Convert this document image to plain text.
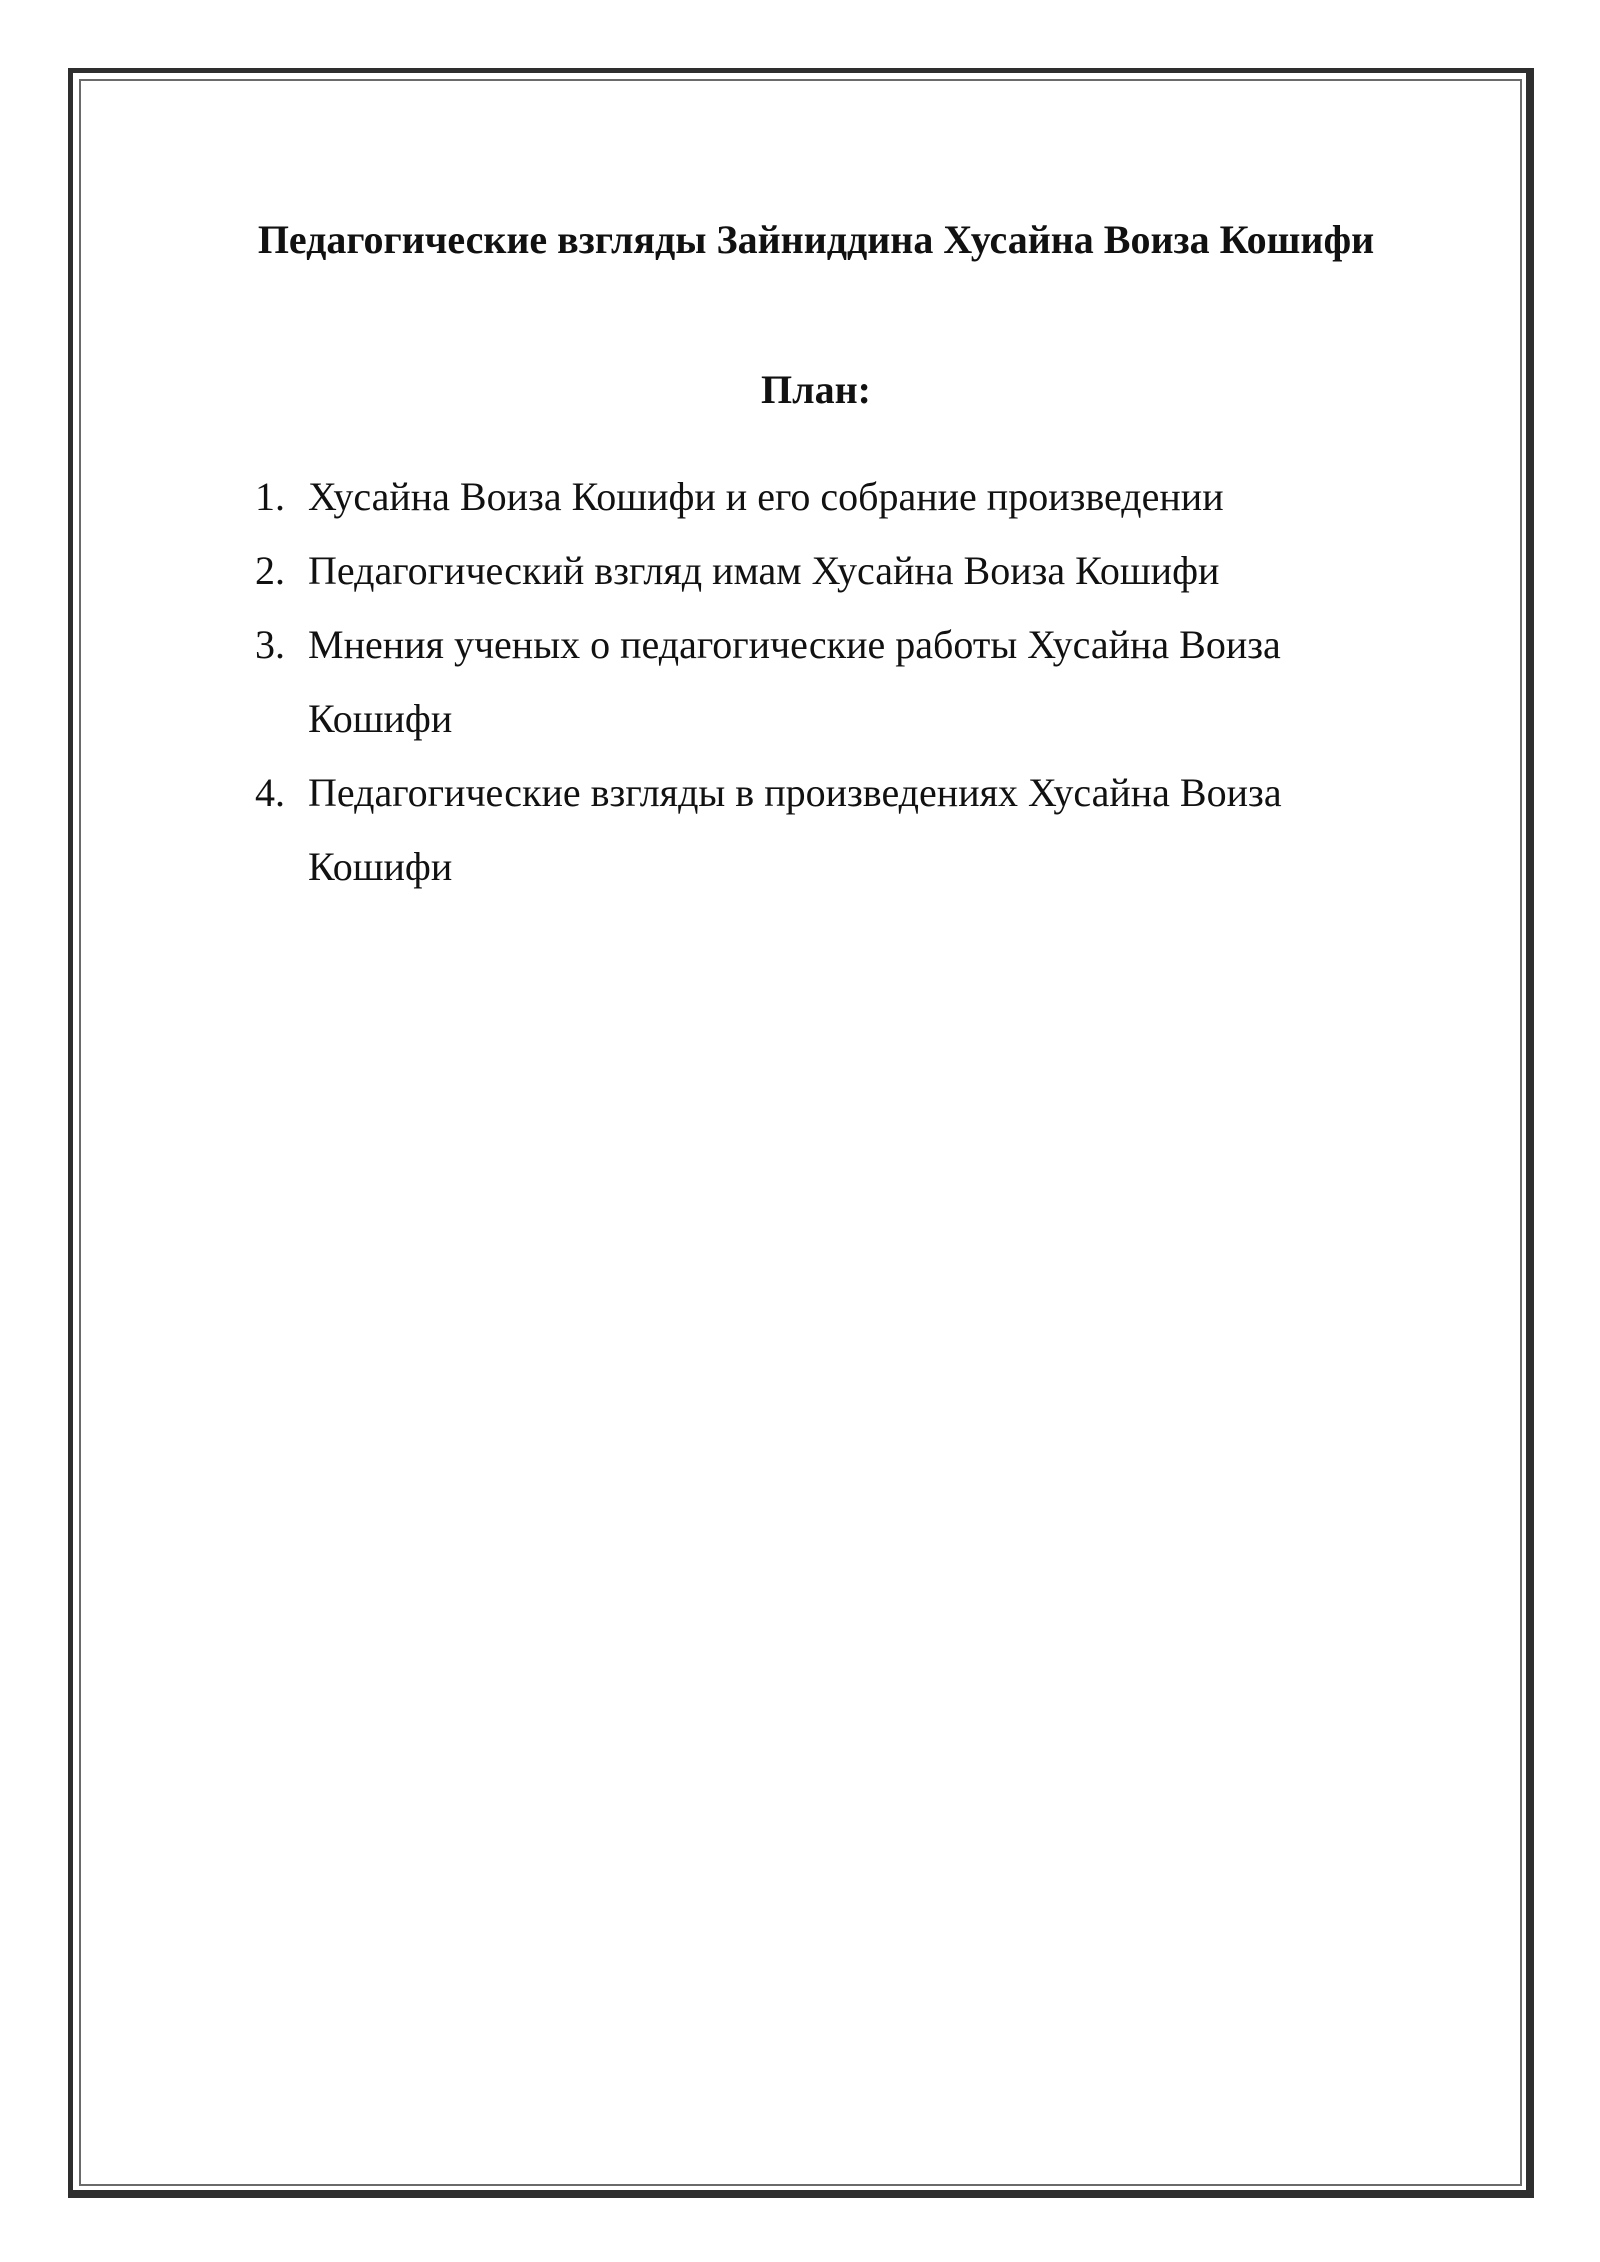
Педагогические взгляды Зайниддина Хусайна Воиза Кошифи
План:
1. Хусайна Воиза Кошифи и его собрание произведении
2. Педагогический взгляд имам Хусайна Воиза Кошифи
3. Мнения ученых о педагогические работы Хусайна Воиза Кошифи
4. Педагогические взгляды в произведениях Хусайна Воиза Кошифи
